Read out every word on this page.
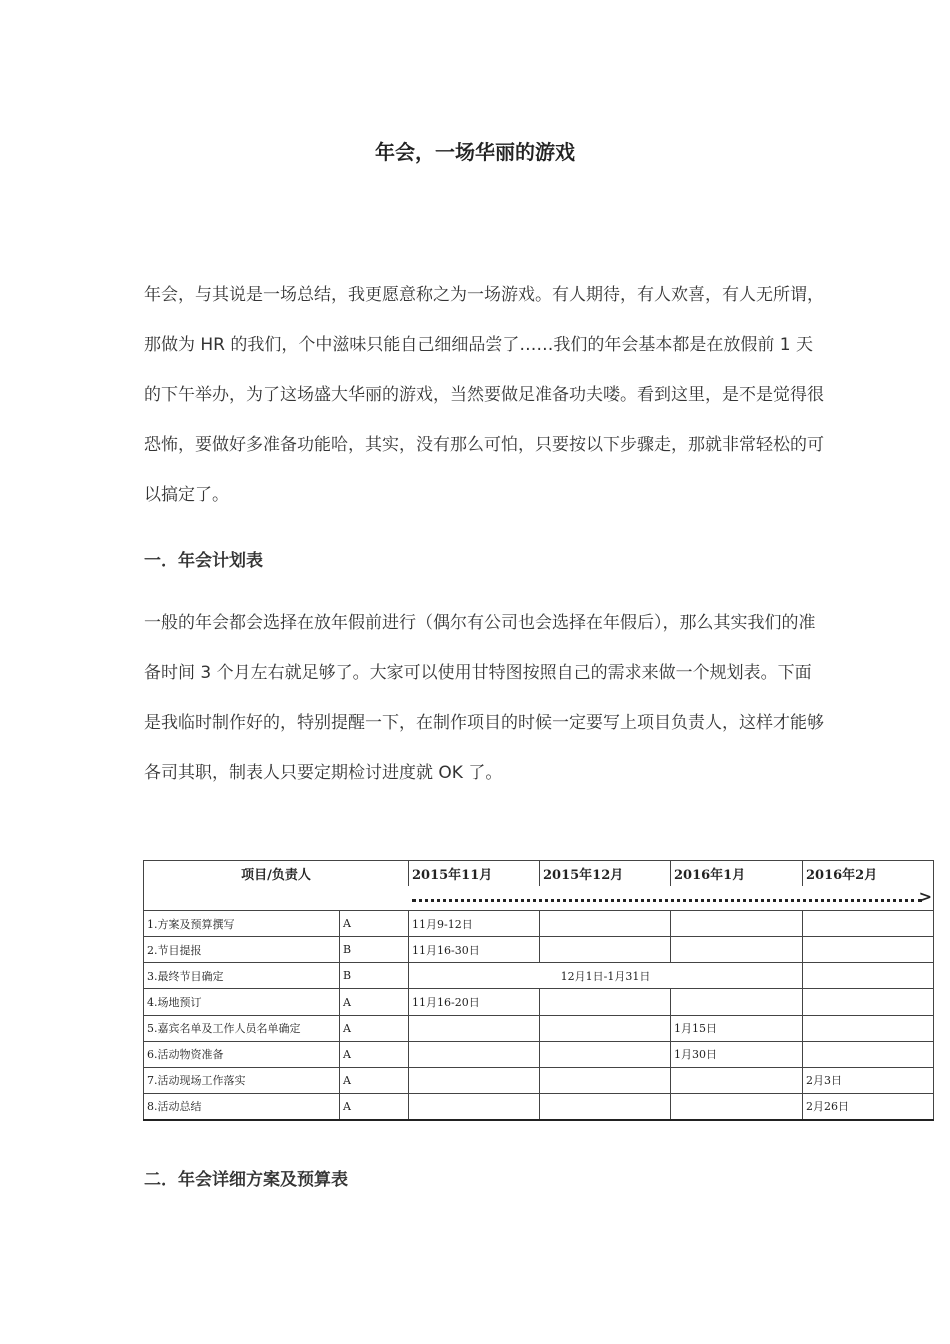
年会，一场华丽的游戏

年会，与其说是一场总结，我更愿意称之为一场游戏。有人期待，有人欢喜，有人无所谓，那做为 HR 的我们，个中滋味只能自己细细品尝了……我们的年会基本都是在放假前 1 天的下午举办，为了这场盛大华丽的游戏，当然要做足准备功夫喽。看到这里，是不是觉得很恐怖，要做好多准备功能哈，其实，没有那么可怕，只要按以下步骤走，那就非常轻松的可以搞定了。

一．年会计划表

一般的年会都会选择在放年假前进行（偶尔有公司也会选择在年假后），那么其实我们的准备时间 3 个月左右就足够了。大家可以使用甘特图按照自己的需求来做一个规划表。下面是我临时制作好的，特别提醒一下，在制作项目的时候一定要写上项目负责人，这样才能够各司其职，制表人只要定期检讨进度就 OK 了。

项目/负责人		2015年11月	2015年12月	2016年1月	2016年2月

		>			

1.方案及预算撰写	A	11月9-12日			
2.节目提报	B	11月16-30日			
3.最终节目确定	B	12月1日-1月31日			
4.场地预订	A	11月16-20日			
5.嘉宾名单及工作人员名单确定	A			1月15日	
6.活动物资准备	A			1月30日	
7.活动现场工作落实	A				2月3日
8.活动总结	A				2月26日
二．年会详细方案及预算表
